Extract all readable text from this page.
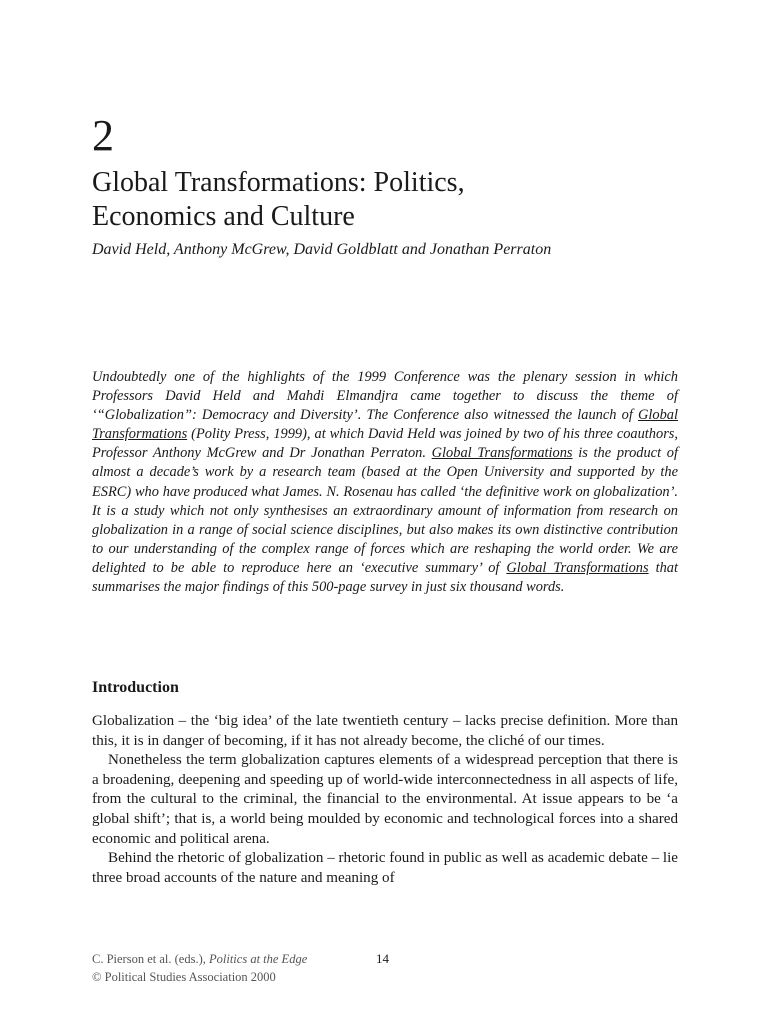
2
Global Transformations: Politics,
Economics and Culture

David Held, Anthony McGrew, David Goldblatt and Jonathan Perraton

Undoubtedly one of the highlights of the 1999 Conference was the plenary session in which Professors David Held and Mahdi Elmandjra came together to discuss the theme of ‘“Globalization”: Democracy and Diversity’. The Conference also witnessed the launch of Global Transformations (Polity Press, 1999), at which David Held was joined by two of his three coauthors, Professor Anthony McGrew and Dr Jonathan Perraton. Global Transformations is the product of almost a decade’s work by a research team (based at the Open University and supported by the ESRC) who have produced what James. N. Rosenau has called ‘the definitive work on globalization’. It is a study which not only synthesises an extraordinary amount of information from research on globalization in a range of social science disciplines, but also makes its own distinctive contribution to our understanding of the complex range of forces which are reshaping the world order. We are delighted to be able to reproduce here an ‘executive summary’ of Global Transformations that summarises the major findings of this 500-page survey in just six thousand words.

Introduction

Globalization – the ‘big idea’ of the late twentieth century – lacks precise definition. More than this, it is in danger of becoming, if it has not already become, the cliché of our times.

Nonetheless the term globalization captures elements of a widespread perception that there is a broadening, deepening and speeding up of world-wide interconnectedness in all aspects of life, from the cultural to the criminal, the financial to the environmental. At issue appears to be ‘a global shift’; that is, a world being moulded by economic and technological forces into a shared economic and political arena.

Behind the rhetoric of globalization – rhetoric found in public as well as academic debate – lie three broad accounts of the nature and meaning of

C. Pierson et al. (eds.), Politics at the Edge
© Political Studies Association 2000
14
